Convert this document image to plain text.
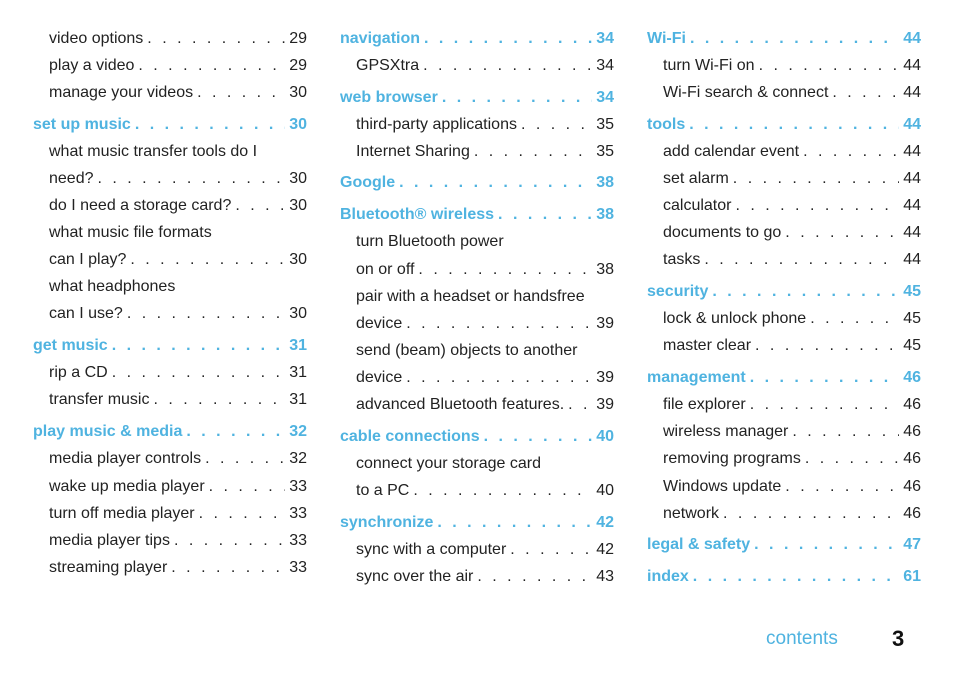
video options . . .	29
play a video . . .	29
manage your videos . . .	30
set up music . . .	30
what music transfer tools do I
need? . . .	30
do I need a storage card? . . .	30
what music file formats
can I play? . . .	30
what headphones
can I use? . . .	30
get music . . .	31
rip a CD . . .	31
transfer music . . .	31
play music & media . . .	32
media player controls . . .	32
wake up media player . . .	33
turn off media player . . .	33
media player tips . . .	33
streaming player . . .	33
navigation . . .	34
GPSXtra . . .	34
web browser . . .	34
third-party applications . . .	35
Internet Sharing . . .	35
Google . . .	38
Bluetooth® wireless . . .	38
turn Bluetooth power
on or off . . .	38
pair with a headset or handsfree
device . . .	39
send (beam) objects to another
device . . .	39
advanced Bluetooth features. . . . 39
cable connections . . .	40
connect your storage card
to a PC . . .	40
synchronize . . .	42
sync with a computer . . .	42
sync over the air . . .	43
Wi-Fi . . .	44
turn Wi-Fi on . . .	44
Wi-Fi search & connect . . .	44
tools . . .	44
add calendar event . . .	44
set alarm . . .	44
calculator . . .	44
documents to go . . .	44
tasks . . .	44
security . . .	45
lock & unlock phone . . .	45
master clear . . .	45
management . . .	46
file explorer . . .	46
wireless manager . . .	46
removing programs . . .	46
Windows update . . .	46
network . . .	46
legal & safety . . .	47
index . . .	61
contents 3
